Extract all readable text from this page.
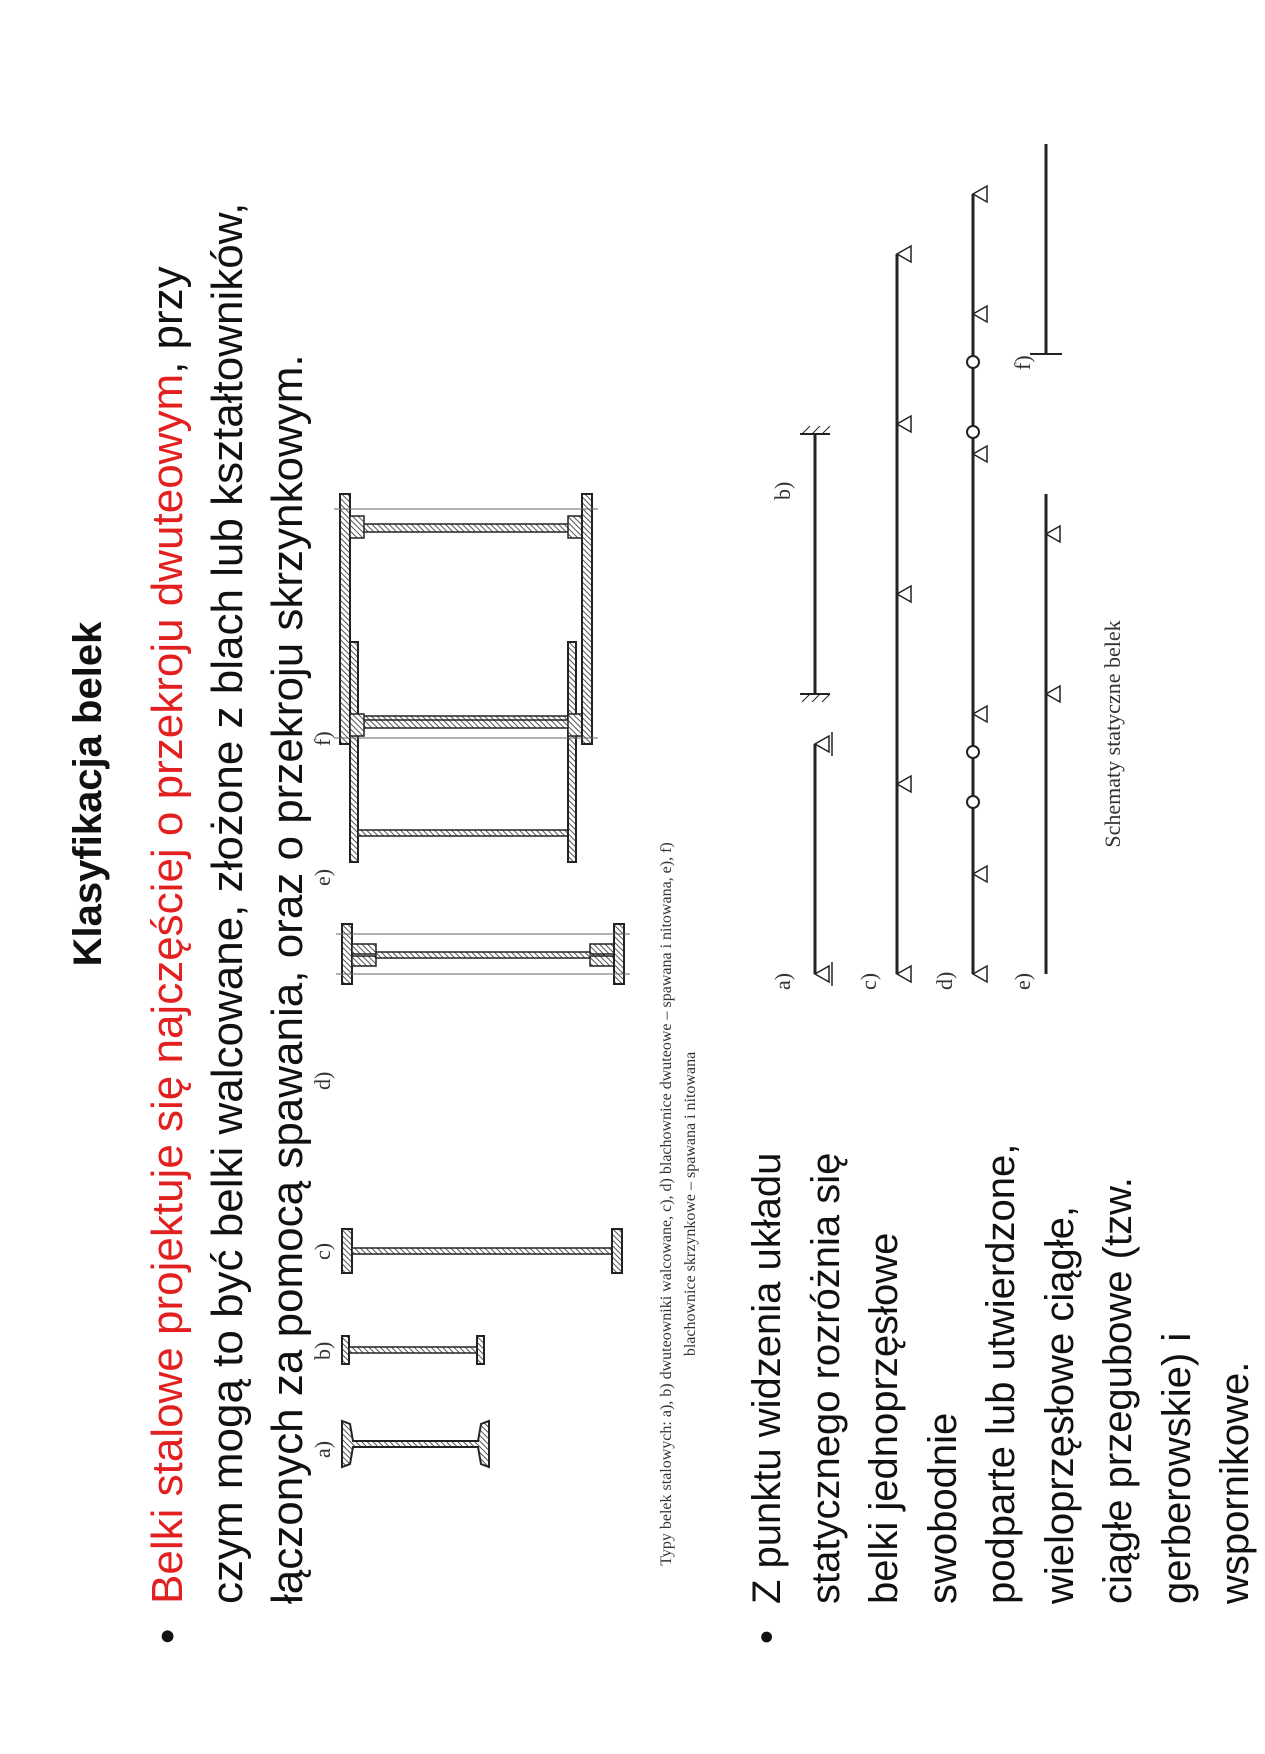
Klasyfikacja belek
•
Belki stalowe projektuje się najczęściej o przekroju dwuteowym, przy czym mogą to być belki walcowane, złożone z blach lub kształtowników, łączonych za pomocą spawania, oraz o przekroju skrzynkowym.
•
Z punktu widzenia układu statycznego rozróżnia się belki jednoprzęsłowe swobodnie podparte lub utwierdzone, wieloprzęsłowe ciągłe, ciągłe przegubowe (tzw. gerberowskie) i wspornikowe.
a)
b)
c)
d)
e)
f)
Typy belek stalowych: a), b) dwuteowniki walcowane, c), d) blachownice dwuteowe – spawana i nitowana, e), f) blachownice skrzynkowe – spawana i nitowana
a)
b)
c) d) e)
f)
Schematy statyczne belek
